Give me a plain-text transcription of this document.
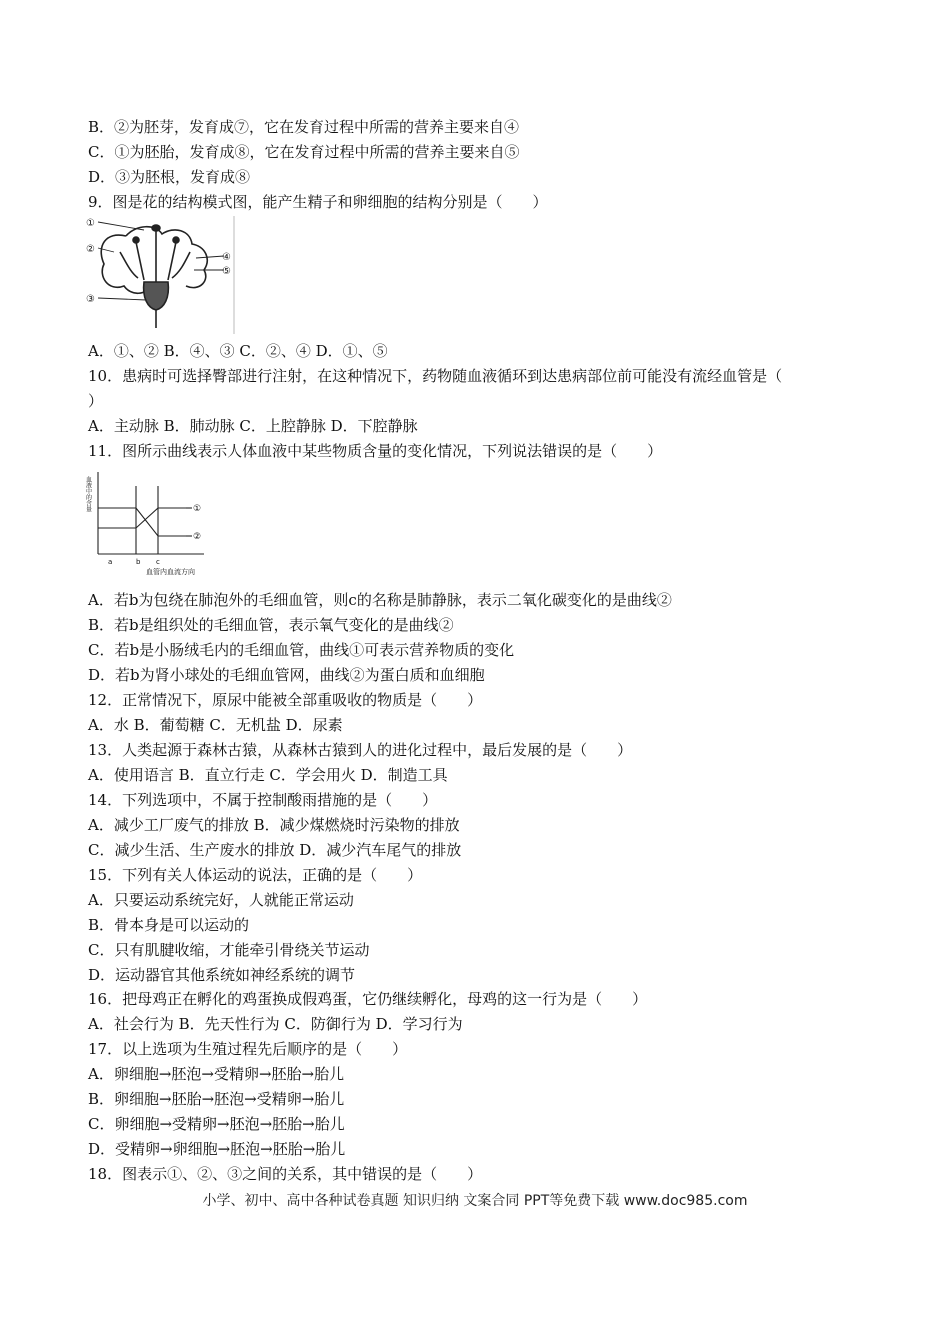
B．②为胚芽，发育成⑦，它在发育过程中所需的营养主要来自④
C．①为胚胎，发育成⑧，它在发育过程中所需的营养主要来自⑤
D．③为胚根，发育成⑧
9．图是花的结构模式图，能产生精子和卵细胞的结构分别是（　　）
①
②
③
④
⑤
A．①、② B．④、③ C．②、④ D．①、⑤
10．患病时可选择臀部进行注射，在这种情况下，药物随血液循环到达患病部位前可能没有流经血管是（
）
A．主动脉 B．肺动脉 C．上腔静脉 D．下腔静脉
11．图所示曲线表示人体血液中某些物质含量的变化情况，下列说法错误的是（　　）
血液中的含量
a	b c
血管内血流方向
①
②
A．若b为包绕在肺泡外的毛细血管，则c的名称是肺静脉，表示二氧化碳变化的是曲线②
B．若b是组织处的毛细血管，表示氧气变化的是曲线②
C．若b是小肠绒毛内的毛细血管，曲线①可表示营养物质的变化
D．若b为肾小球处的毛细血管网，曲线②为蛋白质和血细胞
12．正常情况下，原尿中能被全部重吸收的物质是（　　）
A．水 B．葡萄糖 C．无机盐 D．尿素
13．人类起源于森林古猿，从森林古猿到人的进化过程中，最后发展的是（　　）
A．使用语言 B．直立行走 C．学会用火 D．制造工具
14．下列选项中，不属于控制酸雨措施的是（　　）
A．减少工厂废气的排放 B．减少煤燃烧时污染物的排放
C．减少生活、生产废水的排放 D．减少汽车尾气的排放
15．下列有关人体运动的说法，正确的是（　　）
A．只要运动系统完好，人就能正常运动
B．骨本身是可以运动的
C．只有肌腱收缩，才能牵引骨绕关节运动
D．运动器官其他系统如神经系统的调节
16．把母鸡正在孵化的鸡蛋换成假鸡蛋，它仍继续孵化，母鸡的这一行为是（　　）
A．社会行为 B．先天性行为 C．防御行为 D．学习行为
17．以上选项为生殖过程先后顺序的是（　　）
A．卵细胞→胚泡→受精卵→胚胎→胎儿
B．卵细胞→胚胎→胚泡→受精卵→胎儿
C．卵细胞→受精卵→胚泡→胚胎→胎儿
D．受精卵→卵细胞→胚泡→胚胎→胎儿
18．图表示①、②、③之间的关系，其中错误的是（　　）
小学、初中、高中各种试卷真题 知识归纳 文案合同 PPT等免费下载 www.doc985.com
